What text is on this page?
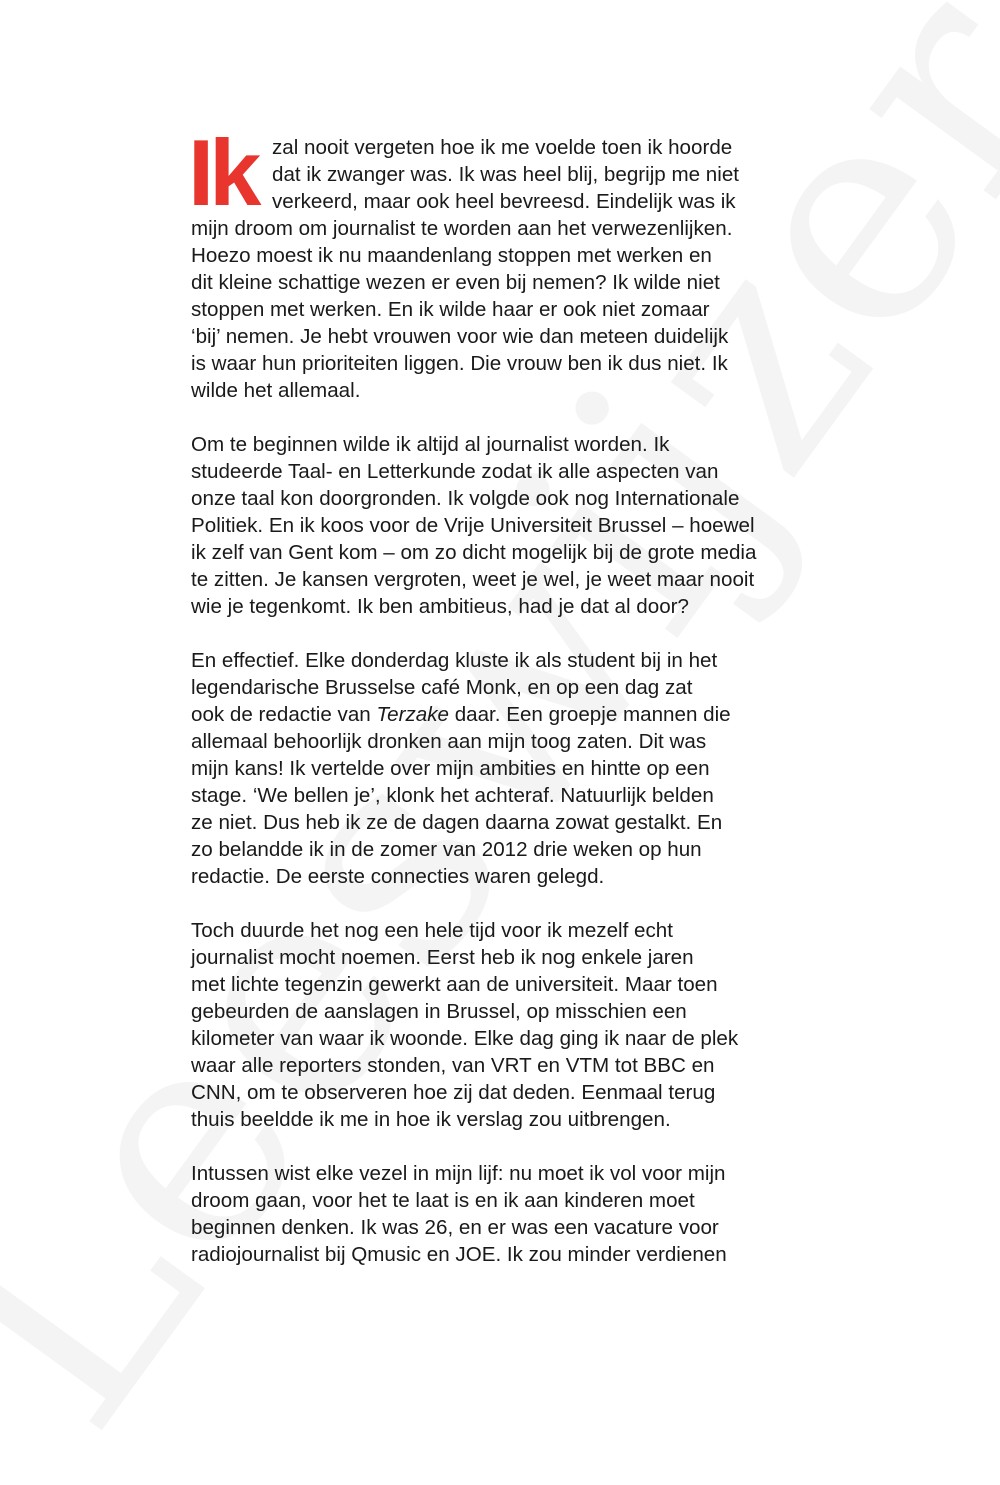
Ik zal nooit vergeten hoe ik me voelde toen ik hoorde
dat ik zwanger was. Ik was heel blij, begrijp me niet
verkeerd, maar ook heel bevreesd. Eindelijk was ik

mijn droom om journalist te worden aan het verwezenlijken.
Hoezo moest ik nu maandenlang stoppen met werken en
dit kleine schattige wezen er even bij nemen? Ik wilde niet
stoppen met werken. En ik wilde haar er ook niet zomaar
‘bij’ nemen. Je hebt vrouwen voor wie dan meteen duidelijk
is waar hun prioriteiten liggen. Die vrouw ben ik dus niet. Ik
wilde het allemaal.

Om te beginnen wilde ik altijd al journalist worden. Ik
studeerde Taal- en Letterkunde zodat ik alle aspecten van
onze taal kon doorgronden. Ik volgde ook nog Internationale
Politiek. En ik koos voor de Vrije Universiteit Brussel – hoewel
ik zelf van Gent kom – om zo dicht mogelijk bij de grote media
te zitten. Je kansen vergroten, weet je wel, je weet maar nooit
wie je tegenkomt. Ik ben ambitieus, had je dat al door?

En effectief. Elke donderdag kluste ik als student bij in het
legendarische Brusselse café Monk, en op een dag zat
ook de redactie van Terzake daar. Een groepje mannen die
allemaal behoorlijk dronken aan mijn toog zaten. Dit was
mijn kans! Ik vertelde over mijn ambities en hintte op een
stage. ‘We bellen je’, klonk het achteraf. Natuurlijk belden
ze niet. Dus heb ik ze de dagen daarna zowat gestalkt. En
zo belandde ik in de zomer van 2012 drie weken op hun
redactie. De eerste connecties waren gelegd.

Toch duurde het nog een hele tijd voor ik mezelf echt
journalist mocht noemen. Eerst heb ik nog enkele jaren
met lichte tegenzin gewerkt aan de universiteit. Maar toen
gebeurden de aanslagen in Brussel, op misschien een
kilometer van waar ik woonde. Elke dag ging ik naar de plek
waar alle reporters stonden, van VRT en VTM tot BBC en
CNN, om te observeren hoe zij dat deden. Eenmaal terug
thuis beeldde ik me in hoe ik verslag zou uitbrengen.

Intussen wist elke vezel in mijn lijf: nu moet ik vol voor mijn
droom gaan, voor het te laat is en ik aan kinderen moet
beginnen denken. Ik was 26, en er was een vacature voor
radiojournalist bij Qmusic en JOE. Ik zou minder verdienen
